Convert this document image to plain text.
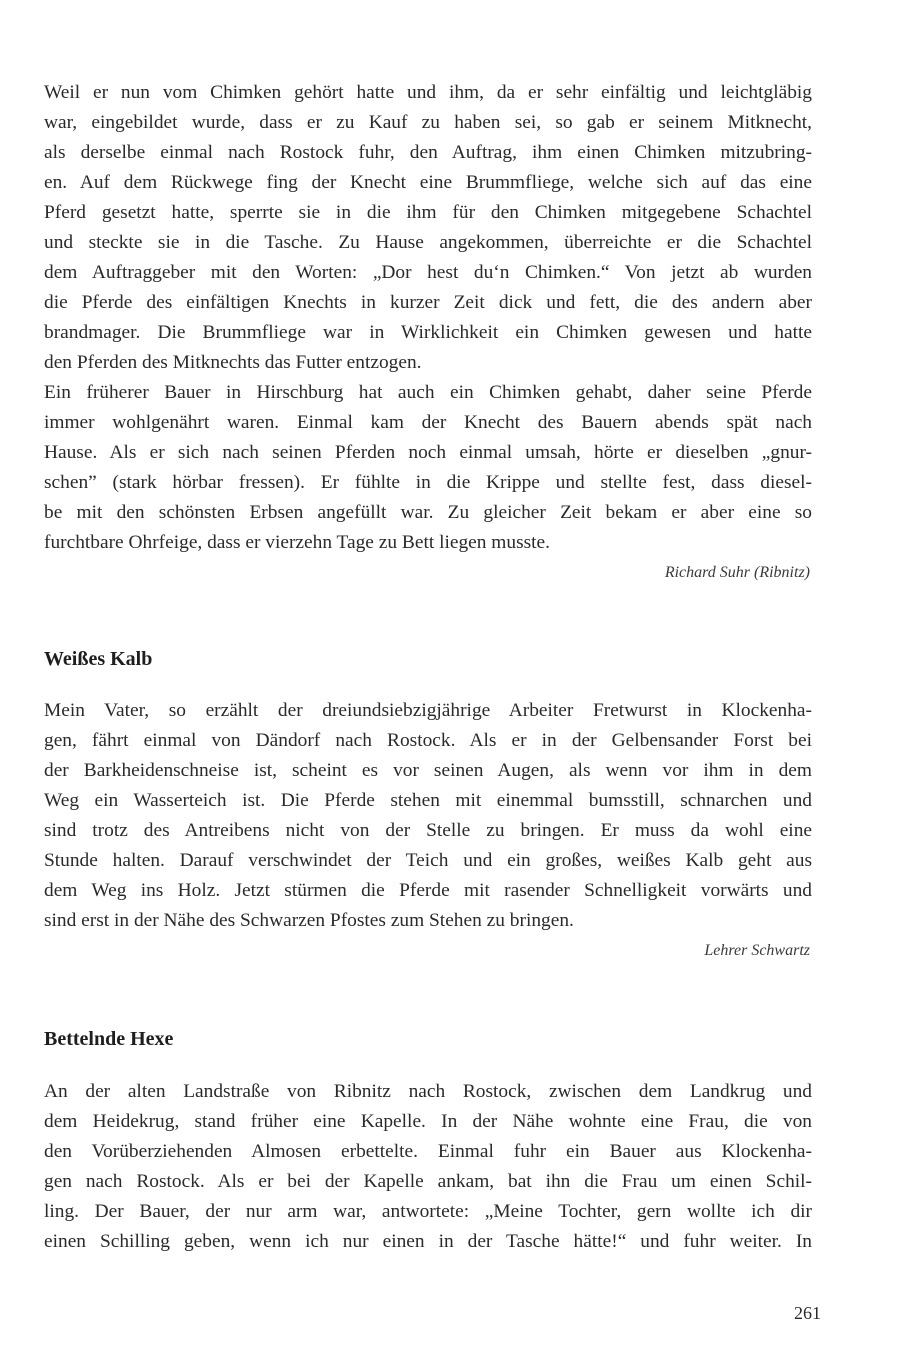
Weil er nun vom Chimken gehört hatte und ihm, da er sehr einfältig und leichtgläbig
war, eingebildet wurde, dass er zu Kauf zu haben sei, so gab er seinem Mitknecht,
als derselbe einmal nach Rostock fuhr, den Auftrag, ihm einen Chimken mitzubring-
en. Auf dem Rückwege fing der Knecht eine Brummfliege, welche sich auf das eine
Pferd gesetzt hatte, sperrte sie in die ihm für den Chimken mitgegebene Schachtel
und steckte sie in die Tasche. Zu Hause angekommen, überreichte er die Schachtel
dem Auftraggeber mit den Worten: „Dor hest du‘n Chimken.“ Von jetzt ab wurden
die Pferde des einfältigen Knechts in kurzer Zeit dick und fett, die des andern aber
brandmager. Die Brummfliege war in Wirklichkeit ein Chimken gewesen und hatte
den Pferden des Mitknechts das Futter entzogen.
Ein früherer Bauer in Hirschburg hat auch ein Chimken gehabt, daher seine Pferde
immer wohlgenährt waren. Einmal kam der Knecht des Bauern abends spät nach
Hause. Als er sich nach seinen Pferden noch einmal umsah, hörte er dieselben „gnur-
schen” (stark hörbar fressen). Er fühlte in die Krippe und stellte fest, dass diesel-
be mit den schönsten Erbsen angefüllt war. Zu gleicher Zeit bekam er aber eine so
furchtbare Ohrfeige, dass er vierzehn Tage zu Bett liegen musste.
Richard Suhr (Ribnitz)
Weißes Kalb
Mein Vater, so erzählt der dreiundsiebzigjährige Arbeiter Fretwurst in Klockenha-
gen, fährt einmal von Dändorf nach Rostock. Als er in der Gelbensander Forst bei
der Barkheidenschneise ist, scheint es vor seinen Augen, als wenn vor ihm in dem
Weg ein Wasserteich ist. Die Pferde stehen mit einemmal bumsstill, schnarchen und
sind trotz des Antreibens nicht von der Stelle zu bringen. Er muss da wohl eine
Stunde halten. Darauf verschwindet der Teich und ein großes, weißes Kalb geht aus
dem Weg ins Holz. Jetzt stürmen die Pferde mit rasender Schnelligkeit vorwärts und
sind erst in der Nähe des Schwarzen Pfostes zum Stehen zu bringen.
Lehrer Schwartz
Bettelnde Hexe
An der alten Landstraße von Ribnitz nach Rostock, zwischen dem Landkrug und
dem Heidekrug, stand früher eine Kapelle. In der Nähe wohnte eine Frau, die von
den Vorüberziehenden Almosen erbettelte. Einmal fuhr ein Bauer aus Klockenha-
gen nach Rostock. Als er bei der Kapelle ankam, bat ihn die Frau um einen Schil-
ling. Der Bauer, der nur arm war, antwortete: „Meine Tochter, gern wollte ich dir
einen Schilling geben, wenn ich nur einen in der Tasche hätte!“ und fuhr weiter. In
261
